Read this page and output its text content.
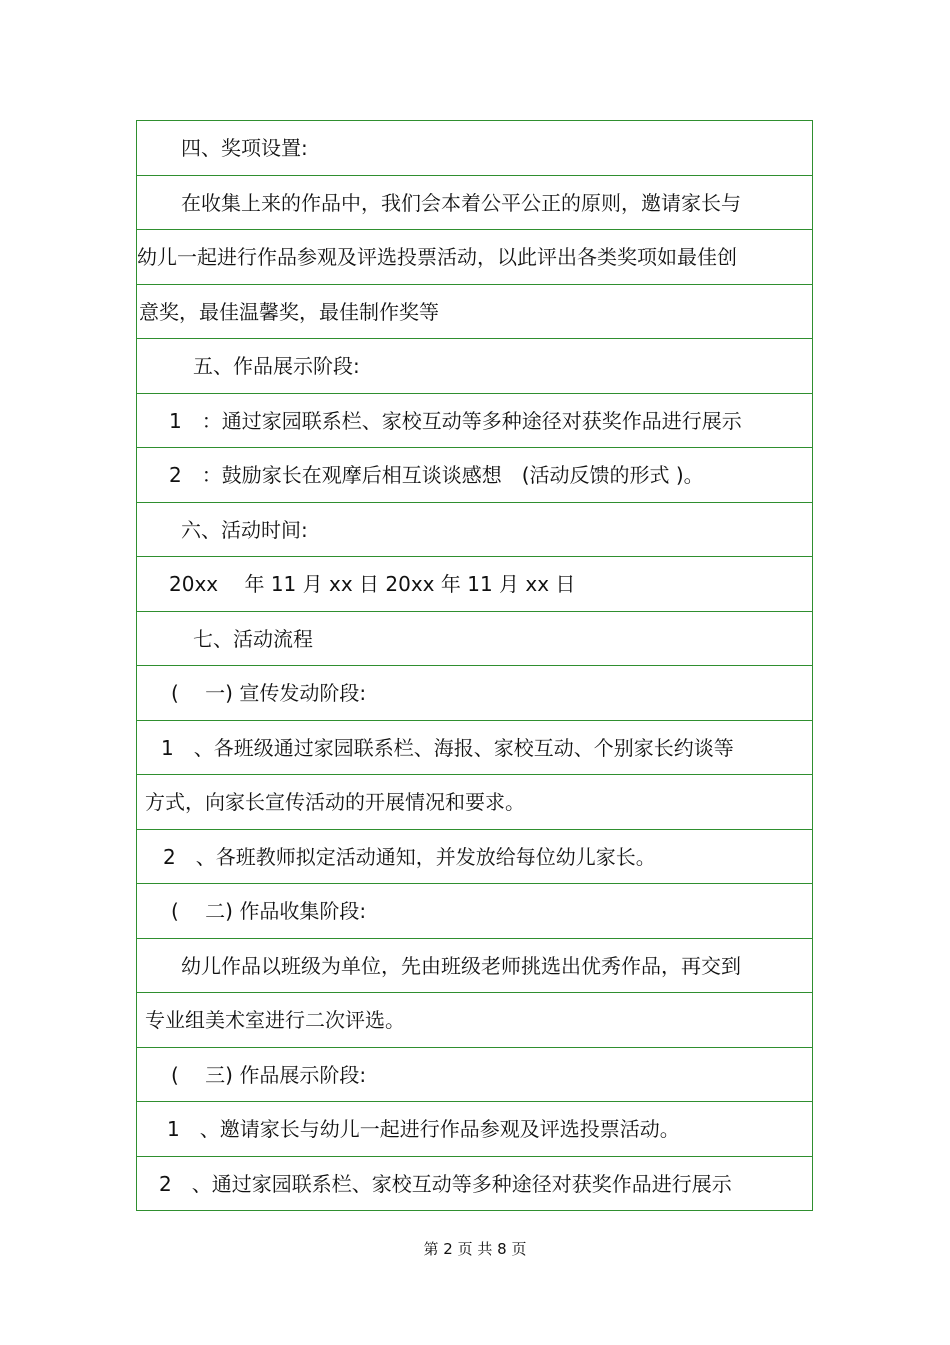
四、奖项设置:
在收集上来的作品中，我们会本着公平公正的原则，邀请家长与
幼儿一起进行作品参观及评选投票活动，以此评出各类奖项如最佳创
意奖，最佳温馨奖，最佳制作奖等
五、作品展示阶段:
1　：通过家园联系栏、家校互动等多种途径对获奖作品进行展示
2　：鼓励家长在观摩后相互谈谈感想　(活动反馈的形式 )。
六、活动时间:
20xx　 年 11 月 xx 日 20xx 年 11 月 xx 日
七、活动流程
(　 一) 宣传发动阶段:
1　、各班级通过家园联系栏、海报、家校互动、个别家长约谈等
方式，向家长宣传活动的开展情况和要求。
2　、各班教师拟定活动通知，并发放给每位幼儿家长。
(　 二) 作品收集阶段:
幼儿作品以班级为单位，先由班级老师挑选出优秀作品，再交到
专业组美术室进行二次评选。
(　 三) 作品展示阶段:
1　、邀请家长与幼儿一起进行作品参观及评选投票活动。
2　、通过家园联系栏、家校互动等多种途径对获奖作品进行展示
第 2 页 共 8 页
